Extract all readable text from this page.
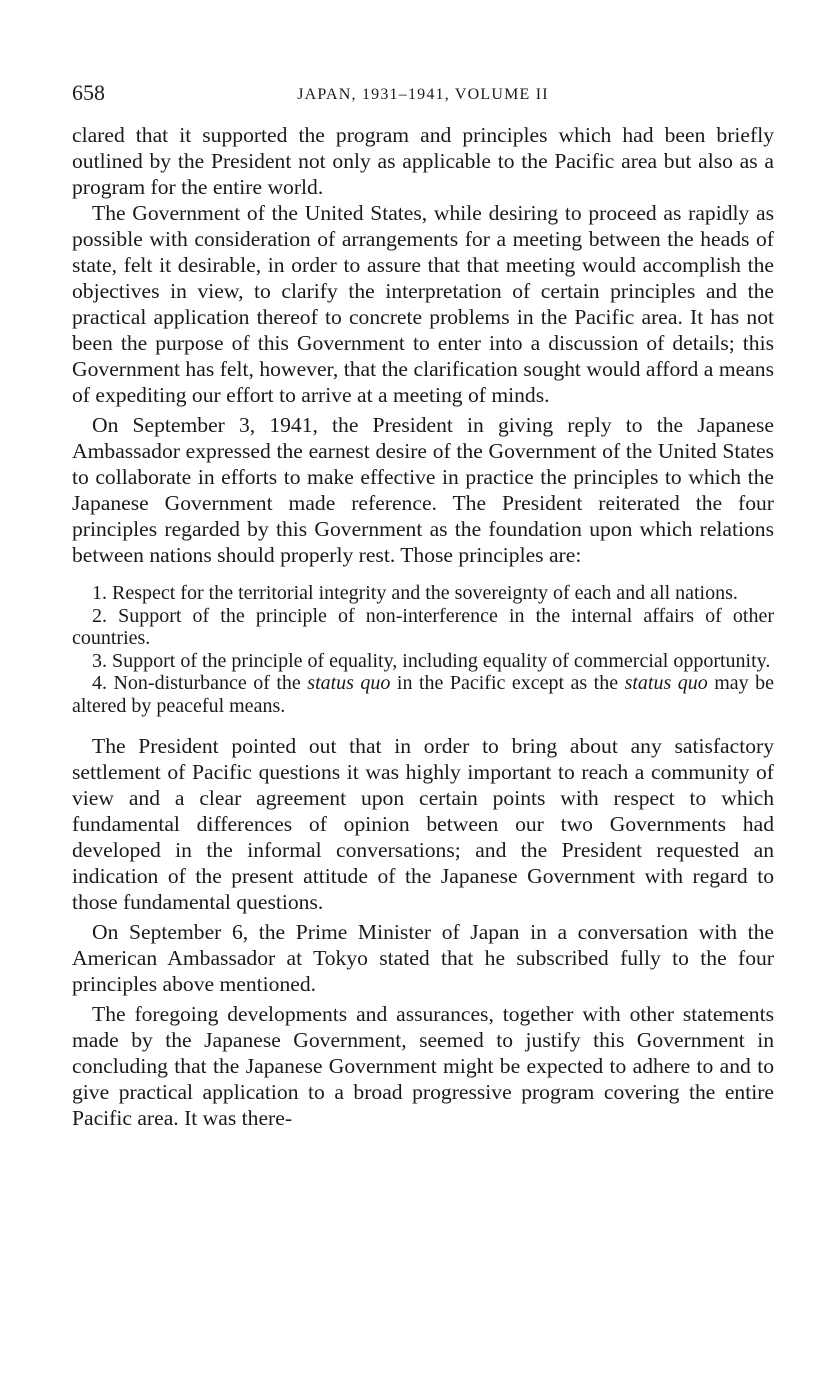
658	JAPAN, 1931–1941, VOLUME II

clared that it supported the program and principles which had been briefly outlined by the President not only as applicable to the Pacific area but also as a program for the entire world.

The Government of the United States, while desiring to proceed as rapidly as possible with consideration of arrangements for a meeting between the heads of state, felt it desirable, in order to assure that that meeting would accomplish the objectives in view, to clarify the interpretation of certain principles and the practical application thereof to concrete problems in the Pacific area. It has not been the purpose of this Government to enter into a discussion of details; this Government has felt, however, that the clarification sought would afford a means of expediting our effort to arrive at a meeting of minds.

On September 3, 1941, the President in giving reply to the Japanese Ambassador expressed the earnest desire of the Government of the United States to collaborate in efforts to make effective in practice the principles to which the Japanese Government made reference. The President reiterated the four principles regarded by this Government as the foundation upon which relations between nations should properly rest. Those principles are:

1. Respect for the territorial integrity and the sovereignty of each and all nations.

2. Support of the principle of non-interference in the internal affairs of other countries.

3. Support of the principle of equality, including equality of commercial opportunity.

4. Non-disturbance of the status quo in the Pacific except as the status quo may be altered by peaceful means.

The President pointed out that in order to bring about any satisfactory settlement of Pacific questions it was highly important to reach a community of view and a clear agreement upon certain points with respect to which fundamental differences of opinion between our two Governments had developed in the informal conversations; and the President requested an indication of the present attitude of the Japanese Government with regard to those fundamental questions.

On September 6, the Prime Minister of Japan in a conversation with the American Ambassador at Tokyo stated that he subscribed fully to the four principles above mentioned.

The foregoing developments and assurances, together with other statements made by the Japanese Government, seemed to justify this Government in concluding that the Japanese Government might be expected to adhere to and to give practical application to a broad progressive program covering the entire Pacific area. It was there-
